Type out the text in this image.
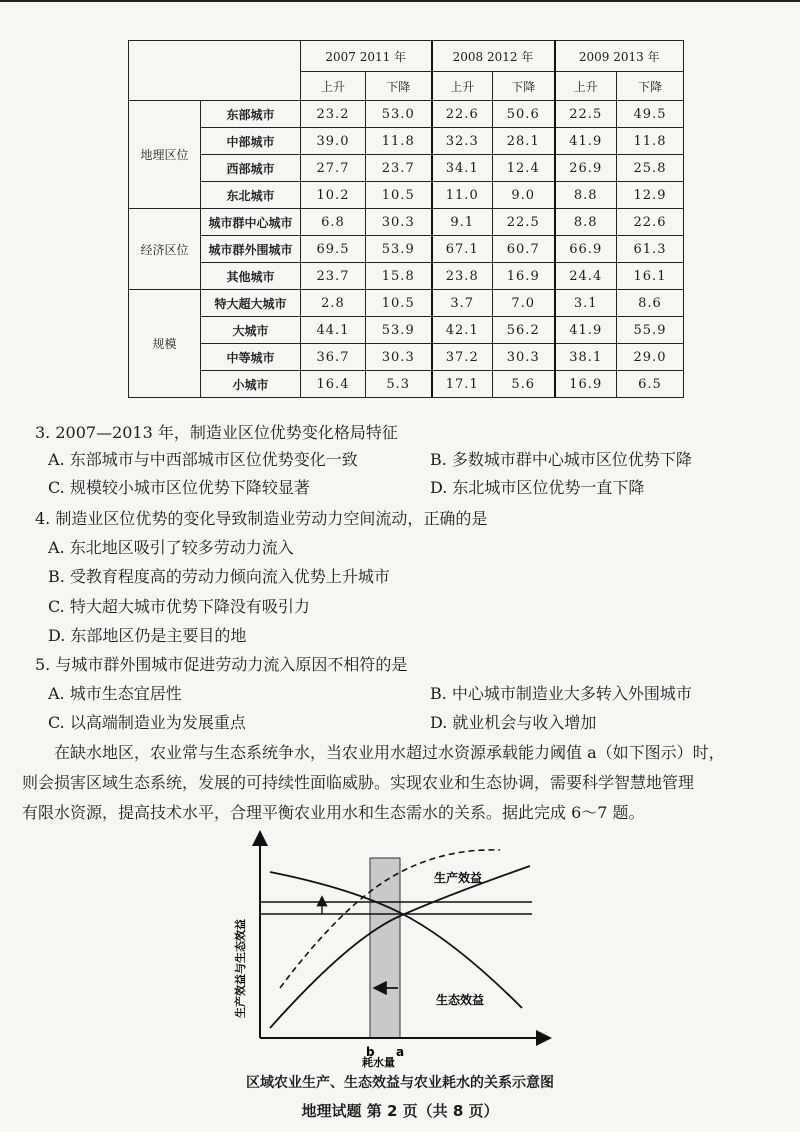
		2007 2011 年		2008 2012 年		2009 2013 年	
		上升	下降	上升	下降	上升	下降
地理区位	东部城市	23.2	53.0	22.6	50.6	22.5	49.5
	中部城市	39.0	11.8	32.3	28.1	41.9	11.8
	西部城市	27.7	23.7	34.1	12.4	26.9	25.8
	东北城市	10.2	10.5	11.0	9.0	8.8	12.9
经济区位	城市群中心城市	6.8	30.3	9.1	22.5	8.8	22.6
	城市群外围城市	69.5	53.9	67.1	60.7	66.9	61.3
	其他城市	23.7	15.8	23.8	16.9	24.4	16.1
规模	特大超大城市	2.8	10.5	3.7	7.0	3.1	8.6
	大城市	44.1	53.9	42.1	56.2	41.9	55.9
	中等城市	36.7	30.3	37.2	30.3	38.1	29.0
	小城市	16.4	5.3	17.1	5.6	16.9	6.5
3. 2007—2013 年，制造业区位优势变化格局特征
A. 东部城市与中西部城市区位优势变化一致	B. 多数城市群中心城市区位优势下降
C. 规模较小城市区位优势下降较显著	D. 东北城市区位优势一直下降
4. 制造业区位优势的变化导致制造业劳动力空间流动，正确的是
A. 东北地区吸引了较多劳动力流入
B. 受教育程度高的劳动力倾向流入优势上升城市
C. 特大超大城市优势下降没有吸引力
D. 东部地区仍是主要目的地
5. 与城市群外围城市促进劳动力流入原因不相符的是
A. 城市生态宜居性	B. 中心城市制造业大多转入外围城市
C. 以高端制造业为发展重点	D. 就业机会与收入增加
在缺水地区，农业常与生态系统争水，当农业用水超过水资源承载能力阈值 a（如下图示）时，
则会损害区域生态系统，发展的可持续性面临威胁。实现农业和生态协调，需要科学智慧地管理
有限水资源，提高技术水平，合理平衡农业用水和生态需水的关系。据此完成 6～7 题。
生产效益
生态效益
b a
耗水量
生产效益与生态效益
区域农业生产、生态效益与农业耗水的关系示意图
地理试题 第 2 页（共 8 页）
